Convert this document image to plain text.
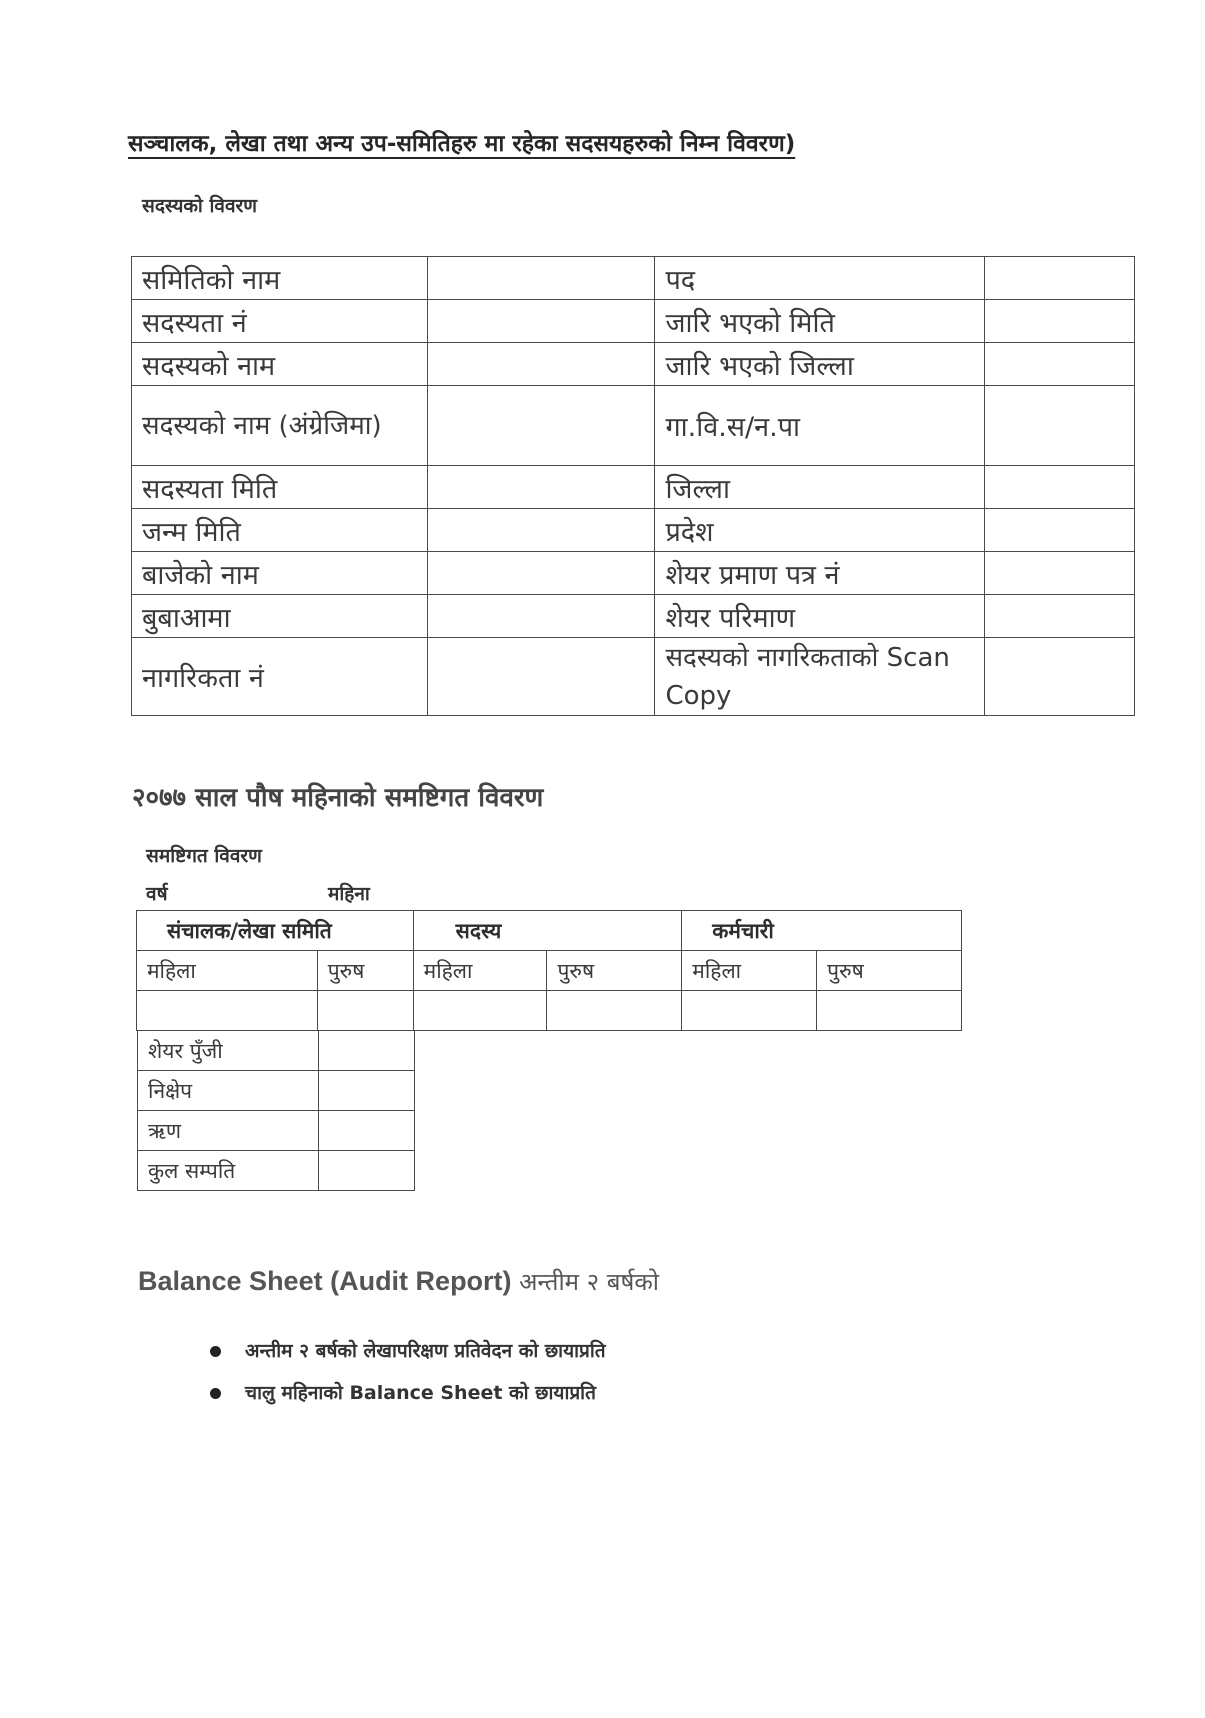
सञ्चालक, लेखा तथा अन्य उप-समितिहरु मा रहेका सदसयहरुको निम्न विवरण)
सदस्यको विवरण
समितिको नाम		पद	
सदस्यता नं		जारि भएको मिति	
सदस्यको नाम		जारि भएको जिल्ला	
सदस्यको नाम (अंग्रेजिमा)		गा.वि.स/न.पा	
सदस्यता मिति		जिल्ला	
जन्म मिति		प्रदेश	
बाजेको नाम		शेयर प्रमाण पत्र नं	
बुबाआमा		शेयर परिमाण	
नागरिकता नं		सदस्यको नागरिकताको Scan Copy	
२०७७ साल पौष महिनाको समष्टिगत विवरण
समष्टिगत विवरण
वर्ष	महिना
संचालक/लेखा समिति		सदस्य		कर्मचारी	
महिला	पुरुष	महिला	पुरुष	महिला	पुरुष

शेयर पुँजी	
निक्षेप	
ऋण	
कुल सम्पति	
Balance Sheet (Audit Report) अन्तीम २ बर्षको
अन्तीम २ बर्षको लेखापरिक्षण प्रतिवेदन को छायाप्रति
चालु महिनाको Balance Sheet को छायाप्रति
